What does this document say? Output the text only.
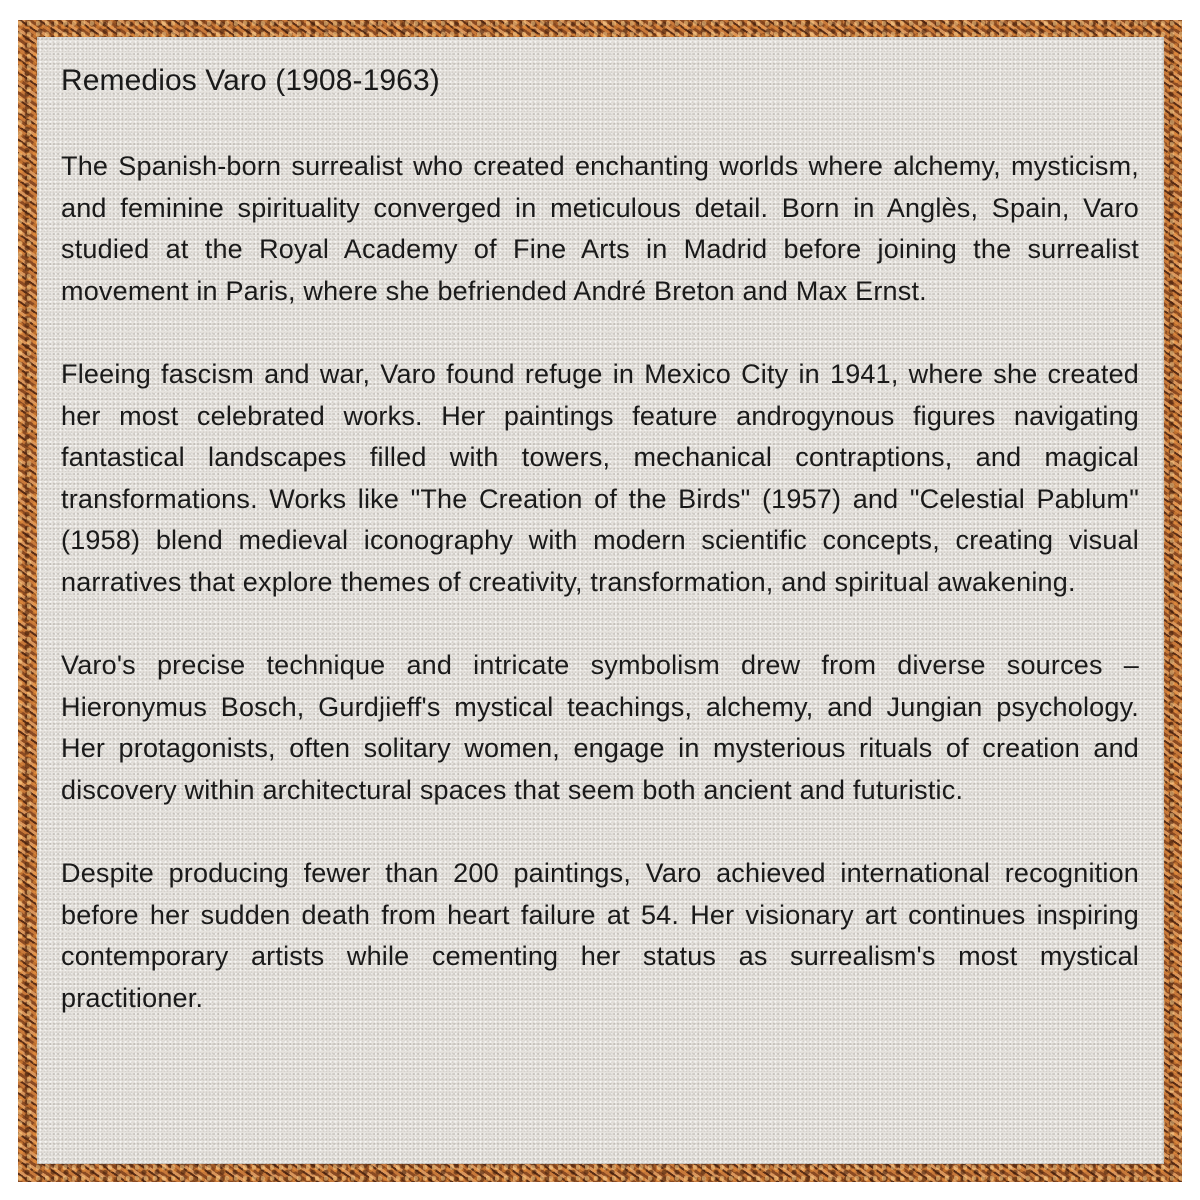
Remedios Varo (1908-1963)

The Spanish-born surrealist who created enchanting worlds where alchemy, mysticism, and feminine spirituality converged in meticulous detail. Born in Anglès, Spain, Varo studied at the Royal Academy of Fine Arts in Madrid before joining the surrealist movement in Paris, where she befriended André Breton and Max Ernst.

Fleeing fascism and war, Varo found refuge in Mexico City in 1941, where she created her most celebrated works. Her paintings feature androgynous figures navigating fantastical landscapes filled with towers, mechanical contraptions, and magical transformations. Works like "The Creation of the Birds" (1957) and "Celestial Pablum" (1958) blend medieval iconography with modern scientific concepts, creating visual narratives that explore themes of creativity, transformation, and spiritual awakening.

Varo's precise technique and intricate symbolism drew from diverse sources – Hieronymus Bosch, Gurdjieff's mystical teachings, alchemy, and Jungian psychology. Her protagonists, often solitary women, engage in mysterious rituals of creation and discovery within architectural spaces that seem both ancient and futuristic.

Despite producing fewer than 200 paintings, Varo achieved international recognition before her sudden death from heart failure at 54. Her visionary art continues inspiring contemporary artists while cementing her status as surrealism's most mystical practitioner.
